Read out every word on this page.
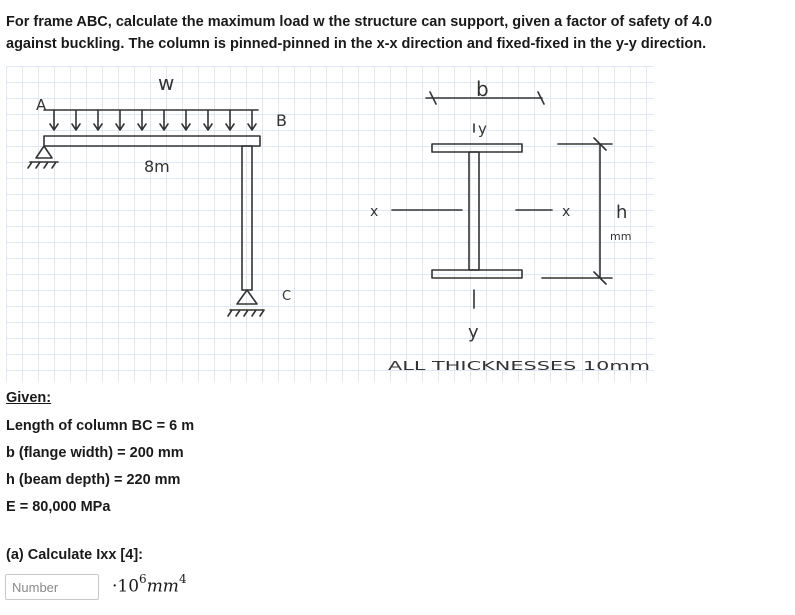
For frame ABC, calculate the maximum load w the structure can support, given a factor of safety of 4.0
against buckling. The column is pinned-pinned in the x-x direction and fixed-fixed in the y-y direction.

w
A
B
8m
C
b
y
x	x
y
h
mm
ALL THICKNESSES 10mm
Given:
Length of column BC = 6 m
b (flange width) = 200 mm
h (beam depth) = 220 mm
E = 80,000 MPa
(a) Calculate Ixx [4]:
Number
$\cdot 10^6mm^4$
